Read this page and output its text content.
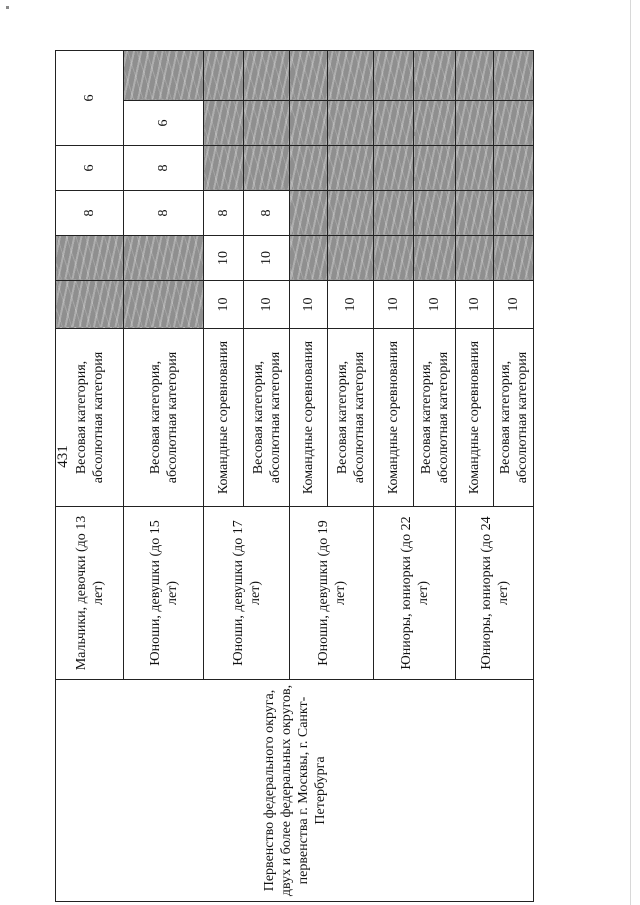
431
Первенство федерального округа, двух и более федеральных округов, первенства г. Москвы, г. Санкт-Петербурга	Мальчики, девочки (до 13 лет)	Весовая категория, абсолютная категория			8	6	6	

	Юноши, девушки (до 15 лет)	Весовая категория, абсолютная категория			8	8	6	

	Юноши, девушки (до 17 лет)	Командные соревнования	10	10	8			

		Весовая категория, абсолютная категория	10	10	8			

	Юноши, девушки (до 19 лет)	Командные соревнования	10					

		Весовая категория, абсолютная категория	10					

	Юниоры, юниорки (до 22 лет)	Командные соревнования	10					

		Весовая категория, абсолютная категория	10					

	Юниоры, юниорки (до 24 лет)	Командные соревнования	10					

		Весовая категория, абсолютная категория	10					
